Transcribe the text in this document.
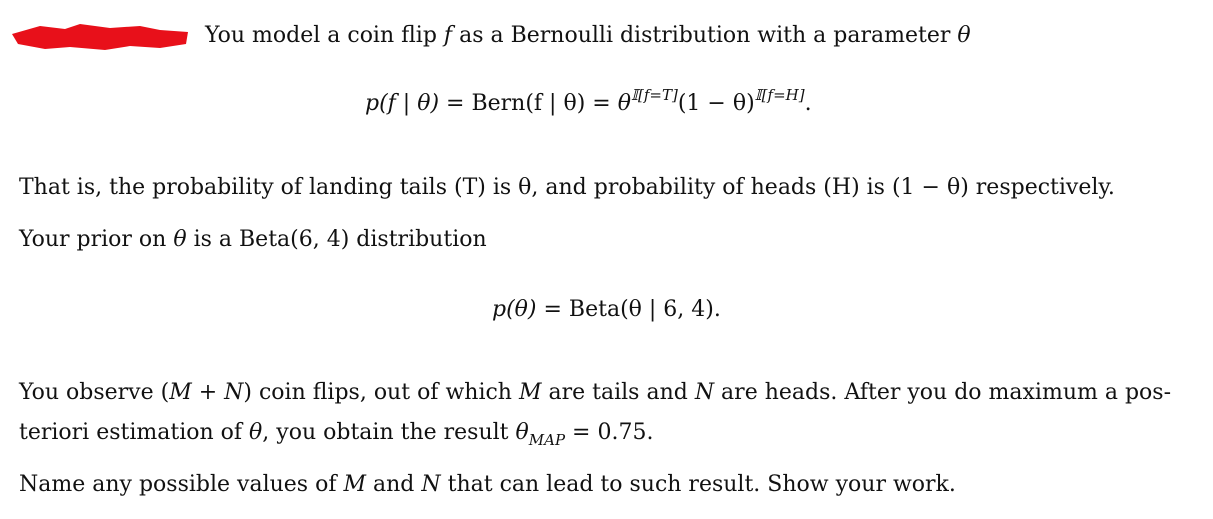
You model a coin flip f as a Bernoulli distribution with a parameter θ
p(f | θ) = Bern(f | $\theta) = \theta^{𝕀[f=T]}(1 - \theta)^{𝕀[f=H]}$.
That is, the probability of landing tails (T) is θ, and probability of heads (H) is (1 − θ) respectively.
Your prior on θ is a Beta(6, 4) distribution
p(θ) = Beta(θ | 6, 4).
You observe (M + N) coin flips, out of which M are tails and N are heads. After you do maximum a pos-
teriori estimation of θ, you obtain the result $\theta_{MAP} = 0.75$.
Name any possible values of M and N that can lead to such result. Show your work.
